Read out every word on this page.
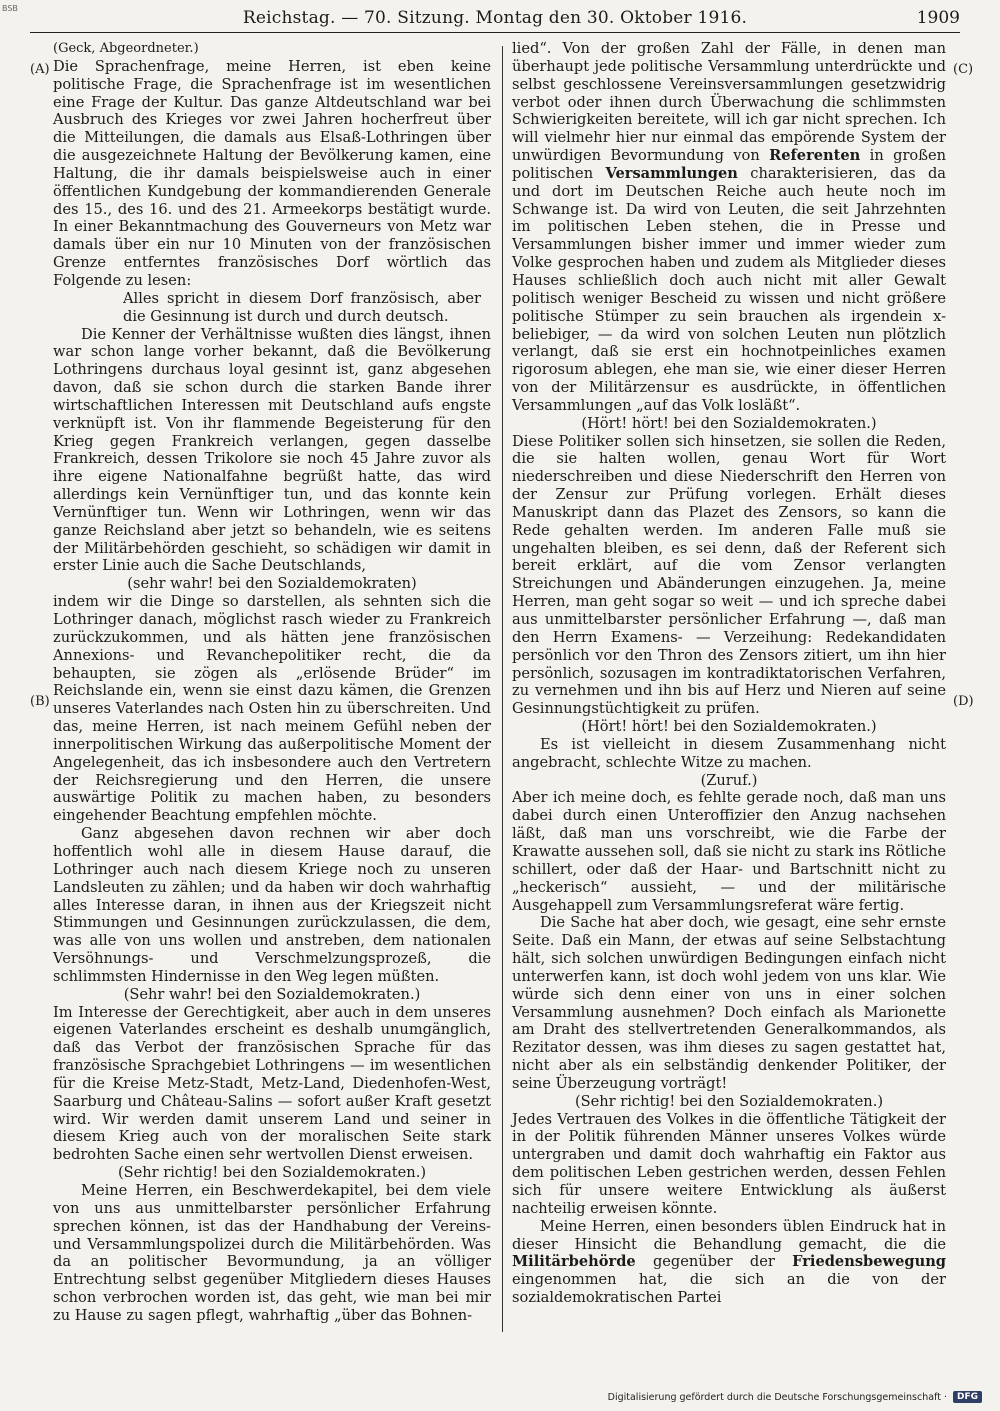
BSB	Reichstag. — 70. Sitzung. Montag den 30. Oktober 1916.	1909
(A)
(B)
(C)
(D)

(Geck, Abgeordneter.)

Die Sprachenfrage, meine Herren, ist eben keine politische Frage, die Sprachenfrage ist im wesentlichen eine Frage der Kultur. Das ganze Altdeutschland war bei Ausbruch des Krieges vor zwei Jahren hocherfreut über die Mitteilungen, die damals aus Elsaß-Lothringen über die ausgezeichnete Haltung der Bevölkerung kamen, eine Haltung, die ihr damals beispielsweise auch in einer öffentlichen Kundgebung der kommandierenden Generale des 15., des 16. und des 21. Armeekorps bestätigt wurde. In einer Bekanntmachung des Gouverneurs von Metz war damals über ein nur 10 Minuten von der französischen Grenze entferntes französisches Dorf wörtlich das Folgende zu lesen:

Alles spricht in diesem Dorf französisch, aber die Gesinnung ist durch und durch deutsch.

Die Kenner der Verhältnisse wußten dies längst, ihnen war schon lange vorher bekannt, daß die Bevölkerung Lothringens durchaus loyal gesinnt ist, ganz abgesehen davon, daß sie schon durch die starken Bande ihrer wirtschaftlichen Interessen mit Deutschland aufs engste verknüpft ist. Von ihr flammende Begeisterung für den Krieg gegen Frankreich verlangen, gegen dasselbe Frankreich, dessen Trikolore sie noch 45 Jahre zuvor als ihre eigene Nationalfahne begrüßt hatte, das wird allerdings kein Vernünftiger tun, und das konnte kein Vernünftiger tun. Wenn wir Lothringen, wenn wir das ganze Reichsland aber jetzt so behandeln, wie es seitens der Militärbehörden geschieht, so schädigen wir damit in erster Linie auch die Sache Deutschlands,

(sehr wahr! bei den Sozialdemokraten)

indem wir die Dinge so darstellen, als sehnten sich die Lothringer danach, möglichst rasch wieder zu Frankreich zurückzukommen, und als hätten jene französischen Annexions- und Revanchepolitiker recht, die da behaupten, sie zögen als „erlösende Brüder“ im Reichslande ein, wenn sie einst dazu kämen, die Grenzen unseres Vaterlandes nach Osten hin zu überschreiten. Und das, meine Herren, ist nach meinem Gefühl neben der innerpolitischen Wirkung das außerpolitische Moment der Angelegenheit, das ich insbesondere auch den Vertretern der Reichsregierung und den Herren, die unsere auswärtige Politik zu machen haben, zu besonders eingehender Beachtung empfehlen möchte.

Ganz abgesehen davon rechnen wir aber doch hoffentlich wohl alle in diesem Hause darauf, die Lothringer auch nach diesem Kriege noch zu unseren Landsleuten zu zählen; und da haben wir doch wahrhaftig alles Interesse daran, in ihnen aus der Kriegszeit nicht Stimmungen und Gesinnungen zurückzulassen, die dem, was alle von uns wollen und anstreben, dem nationalen Versöhnungs- und Verschmelzungsprozeß, die schlimmsten Hindernisse in den Weg legen müßten.

(Sehr wahr! bei den Sozialdemokraten.)

Im Interesse der Gerechtigkeit, aber auch in dem unseres eigenen Vaterlandes erscheint es deshalb unumgänglich, daß das Verbot der französischen Sprache für das französische Sprachgebiet Lothringens — im wesentlichen für die Kreise Metz-Stadt, Metz-Land, Diedenhofen-West, Saarburg und Château-Salins — sofort außer Kraft gesetzt wird. Wir werden damit unserem Land und seiner in diesem Krieg auch von der moralischen Seite stark bedrohten Sache einen sehr wertvollen Dienst erweisen.

(Sehr richtig! bei den Sozialdemokraten.)

Meine Herren, ein Beschwerdekapitel, bei dem viele von uns aus unmittelbarster persönlicher Erfahrung sprechen können, ist das der Handhabung der Vereins- und Versammlungspolizei durch die Militärbehörden. Was da an politischer Bevormundung, ja an völliger Entrechtung selbst gegenüber Mitgliedern dieses Hauses schon verbrochen worden ist, das geht, wie man bei mir zu Hause zu sagen pflegt, wahrhaftig „über das Bohnen-

lied“. Von der großen Zahl der Fälle, in denen man überhaupt jede politische Versammlung unterdrückte und selbst geschlossene Vereinsversammlungen gesetzwidrig verbot oder ihnen durch Überwachung die schlimmsten Schwierigkeiten bereitete, will ich gar nicht sprechen. Ich will vielmehr hier nur einmal das empörende System der unwürdigen Bevormundung von Referenten in großen politischen Versammlungen charakterisieren, das da und dort im Deutschen Reiche auch heute noch im Schwange ist. Da wird von Leuten, die seit Jahrzehnten im politischen Leben stehen, die in Presse und Versammlungen bisher immer und immer wieder zum Volke gesprochen haben und zudem als Mitglieder dieses Hauses schließlich doch auch nicht mit aller Gewalt politisch weniger Bescheid zu wissen und nicht größere politische Stümper zu sein brauchen als irgendein x-beliebiger, — da wird von solchen Leuten nun plötzlich verlangt, daß sie erst ein hochnotpeinliches examen rigorosum ablegen, ehe man sie, wie einer dieser Herren von der Militärzensur es ausdrückte, in öffentlichen Versammlungen „auf das Volk losläßt“.

(Hört! hört! bei den Sozialdemokraten.)

Diese Politiker sollen sich hinsetzen, sie sollen die Reden, die sie halten wollen, genau Wort für Wort niederschreiben und diese Niederschrift den Herren von der Zensur zur Prüfung vorlegen. Erhält dieses Manuskript dann das Plazet des Zensors, so kann die Rede gehalten werden. Im anderen Falle muß sie ungehalten bleiben, es sei denn, daß der Referent sich bereit erklärt, auf die vom Zensor verlangten Streichungen und Abänderungen einzugehen. Ja, meine Herren, man geht sogar so weit — und ich spreche dabei aus unmittelbarster persönlicher Erfahrung —, daß man den Herrn Examens- — Verzeihung: Redekandidaten persönlich vor den Thron des Zensors zitiert, um ihn hier persönlich, sozusagen im kontradiktatorischen Verfahren, zu vernehmen und ihn bis auf Herz und Nieren auf seine Gesinnungstüchtigkeit zu prüfen.

(Hört! hört! bei den Sozialdemokraten.)

Es ist vielleicht in diesem Zusammenhang nicht angebracht, schlechte Witze zu machen.

(Zuruf.)

Aber ich meine doch, es fehlte gerade noch, daß man uns dabei durch einen Unteroffizier den Anzug nachsehen läßt, daß man uns vorschreibt, wie die Farbe der Krawatte aussehen soll, daß sie nicht zu stark ins Rötliche schillert, oder daß der Haar- und Bartschnitt nicht zu „heckerisch“ aussieht, — und der militärische Ausgehappell zum Versammlungsreferat wäre fertig.

Die Sache hat aber doch, wie gesagt, eine sehr ernste Seite. Daß ein Mann, der etwas auf seine Selbstachtung hält, sich solchen unwürdigen Bedingungen einfach nicht unterwerfen kann, ist doch wohl jedem von uns klar. Wie würde sich denn einer von uns in einer solchen Versammlung ausnehmen? Doch einfach als Marionette am Draht des stellvertretenden Generalkommandos, als Rezitator dessen, was ihm dieses zu sagen gestattet hat, nicht aber als ein selbständig denkender Politiker, der seine Überzeugung vorträgt!

(Sehr richtig! bei den Sozialdemokraten.)

Jedes Vertrauen des Volkes in die öffentliche Tätigkeit der in der Politik führenden Männer unseres Volkes würde untergraben und damit doch wahrhaftig ein Faktor aus dem politischen Leben gestrichen werden, dessen Fehlen sich für unsere weitere Entwicklung als äußerst nachteilig erweisen könnte.

Meine Herren, einen besonders üblen Eindruck hat in dieser Hinsicht die Behandlung gemacht, die die Militärbehörde gegenüber der Friedensbewegung eingenommen hat, die sich an die von der sozialdemokratischen Partei

Digitalisierung gefördert durch die Deutsche Forschungsgemeinschaft ·	DFG
